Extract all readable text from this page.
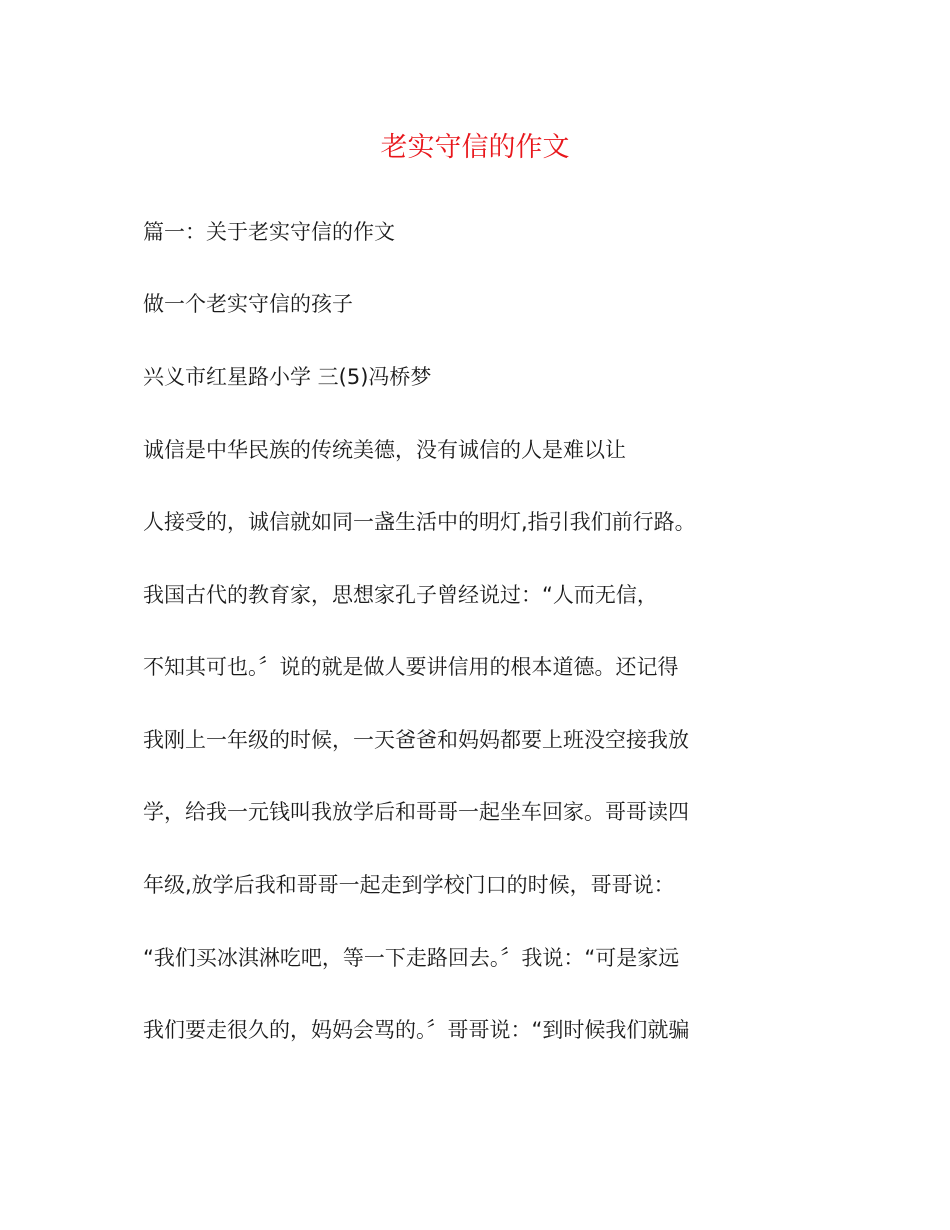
老实守信的作文
篇一：关于老实守信的作文
做一个老实守信的孩子
兴义市红星路小学 三(5)冯桥梦
诚信是中华民族的传统美德，没有诚信的人是难以让
人接受的，诚信就如同一盏生活中的明灯,指引我们前行路。
我国古代的教育家，思想家孔子曾经说过：“人而无信，
不知其可也。〞说的就是做人要讲信用的根本道德。还记得
我刚上一年级的时候，一天爸爸和妈妈都要上班没空接我放
学，给我一元钱叫我放学后和哥哥一起坐车回家。哥哥读四
年级,放学后我和哥哥一起走到学校门口的时候，哥哥说：
“我们买冰淇淋吃吧，等一下走路回去。〞我说：“可是家远
我们要走很久的，妈妈会骂的。〞哥哥说：“到时候我们就骗
